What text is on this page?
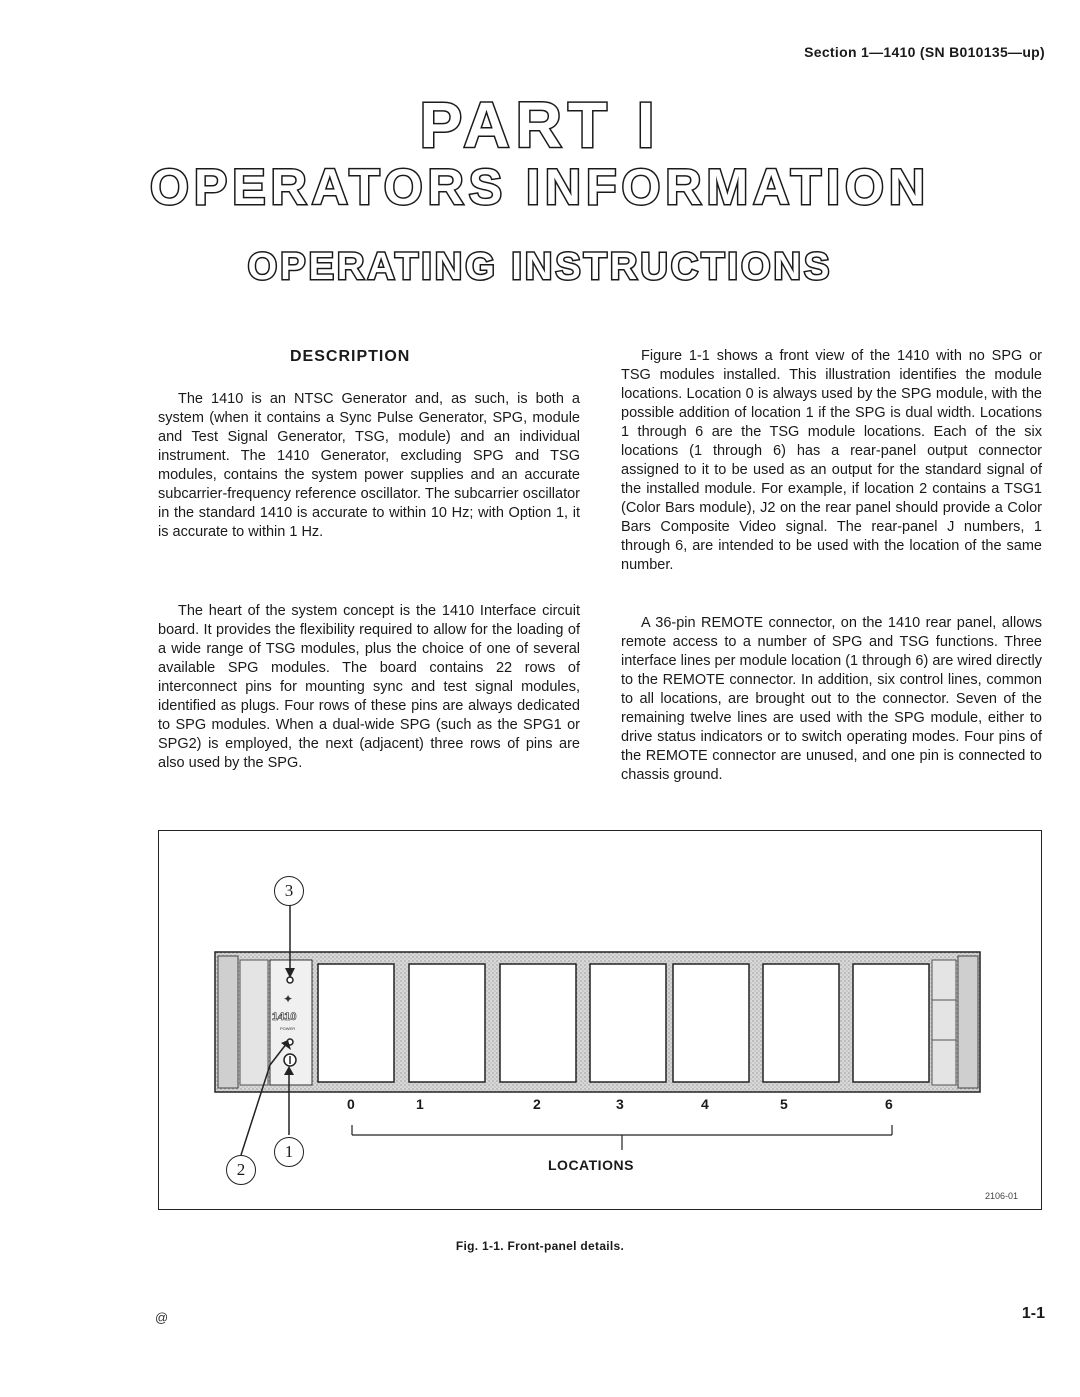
Section 1—1410 (SN B010135—up)
PART I
OPERATORS INFORMATION
OPERATING INSTRUCTIONS
DESCRIPTION
The 1410 is an NTSC Generator and, as such, is both a system (when it contains a Sync Pulse Generator, SPG, module and Test Signal Generator, TSG, module) and an individual instrument. The 1410 Generator, excluding SPG and TSG modules, contains the system power supplies and an accurate subcarrier-frequency reference oscillator. The subcarrier oscillator in the standard 1410 is accurate to within 10 Hz; with Option 1, it is accurate to within 1 Hz.
The heart of the system concept is the 1410 Interface circuit board. It provides the flexibility required to allow for the loading of a wide range of TSG modules, plus the choice of one of several available SPG modules. The board contains 22 rows of interconnect pins for mounting sync and test signal modules, identified as plugs. Four rows of these pins are always dedicated to SPG modules. When a dual-wide SPG (such as the SPG1 or SPG2) is employed, the next (adjacent) three rows of pins are also used by the SPG.
Figure 1-1 shows a front view of the 1410 with no SPG or TSG modules installed. This illustration identifies the module locations. Location 0 is always used by the SPG module, with the possible addition of location 1 if the SPG is dual width. Locations 1 through 6 are the TSG module locations. Each of the six locations (1 through 6) has a rear-panel output connector assigned to it to be used as an output for the standard signal of the installed module. For example, if location 2 contains a TSG1 (Color Bars module), J2 on the rear panel should provide a Color Bars Composite Video signal. The rear-panel J numbers, 1 through 6, are intended to be used with the location of the same number.
A 36-pin REMOTE connector, on the 1410 rear panel, allows remote access to a number of SPG and TSG functions. Three interface lines per module location (1 through 6) are wired directly to the REMOTE connector. In addition, six control lines, common to all locations, are brought out to the connector. Seven of the remaining twelve lines are used with the SPG module, either to drive status indicators or to switch operating modes. Four pins of the REMOTE connector are unused, and one pin is connected to chassis ground.
✦
1410
POWER
0	1	2	3	4	5	6
LOCATIONS
3
1
2
2106-01
Fig. 1-1. Front-panel details.
@	1-1
